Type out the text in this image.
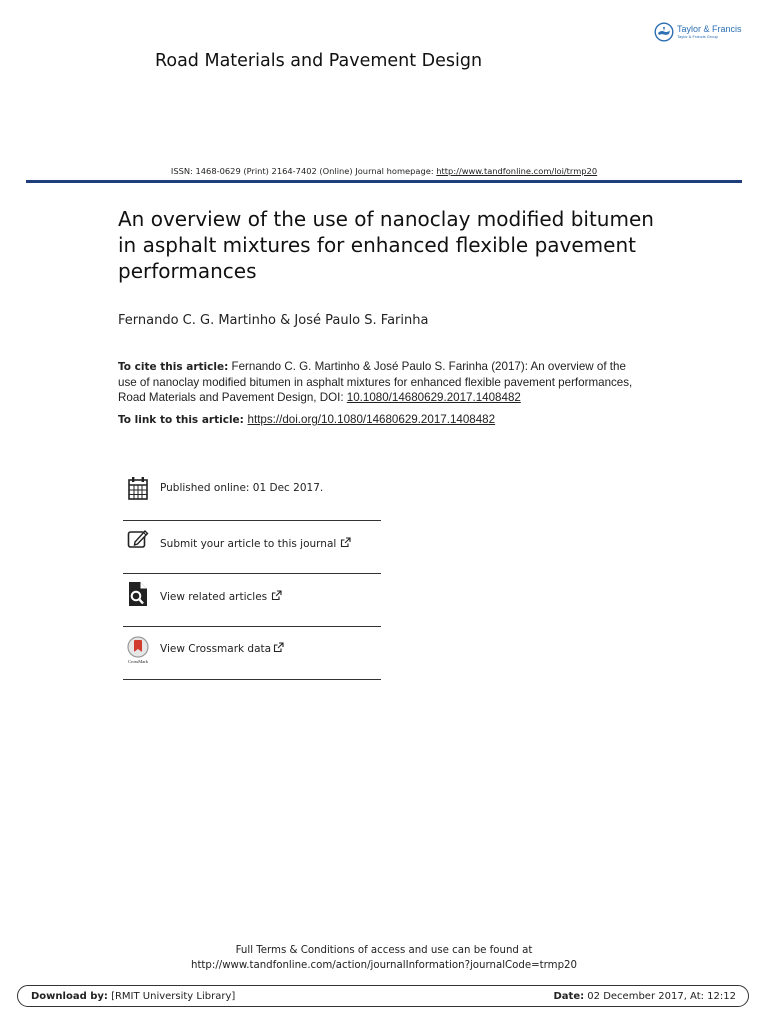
Taylor & Francis
Taylor & Francis Group
Road Materials and Pavement Design
ISSN: 1468-0629 (Print) 2164-7402 (Online) Journal homepage: http://www.tandfonline.com/loi/trmp20
An overview of the use of nanoclay modified bitumen in asphalt mixtures for enhanced flexible pavement performances
Fernando C. G. Martinho & José Paulo S. Farinha
To cite this article: Fernando C. G. Martinho & José Paulo S. Farinha (2017): An overview of the use of nanoclay modified bitumen in asphalt mixtures for enhanced flexible pavement performances, Road Materials and Pavement Design, DOI: 10.1080/14680629.2017.1408482
To link to this article: https://doi.org/10.1080/14680629.2017.1408482
Published online: 01 Dec 2017.
Submit your article to this journal
View related articles
CrossMark
View Crossmark data
Full Terms & Conditions of access and use can be found at
http://www.tandfonline.com/action/journalInformation?journalCode=trmp20
Download by: [RMIT University Library]	Date: 02 December 2017, At: 12:12
